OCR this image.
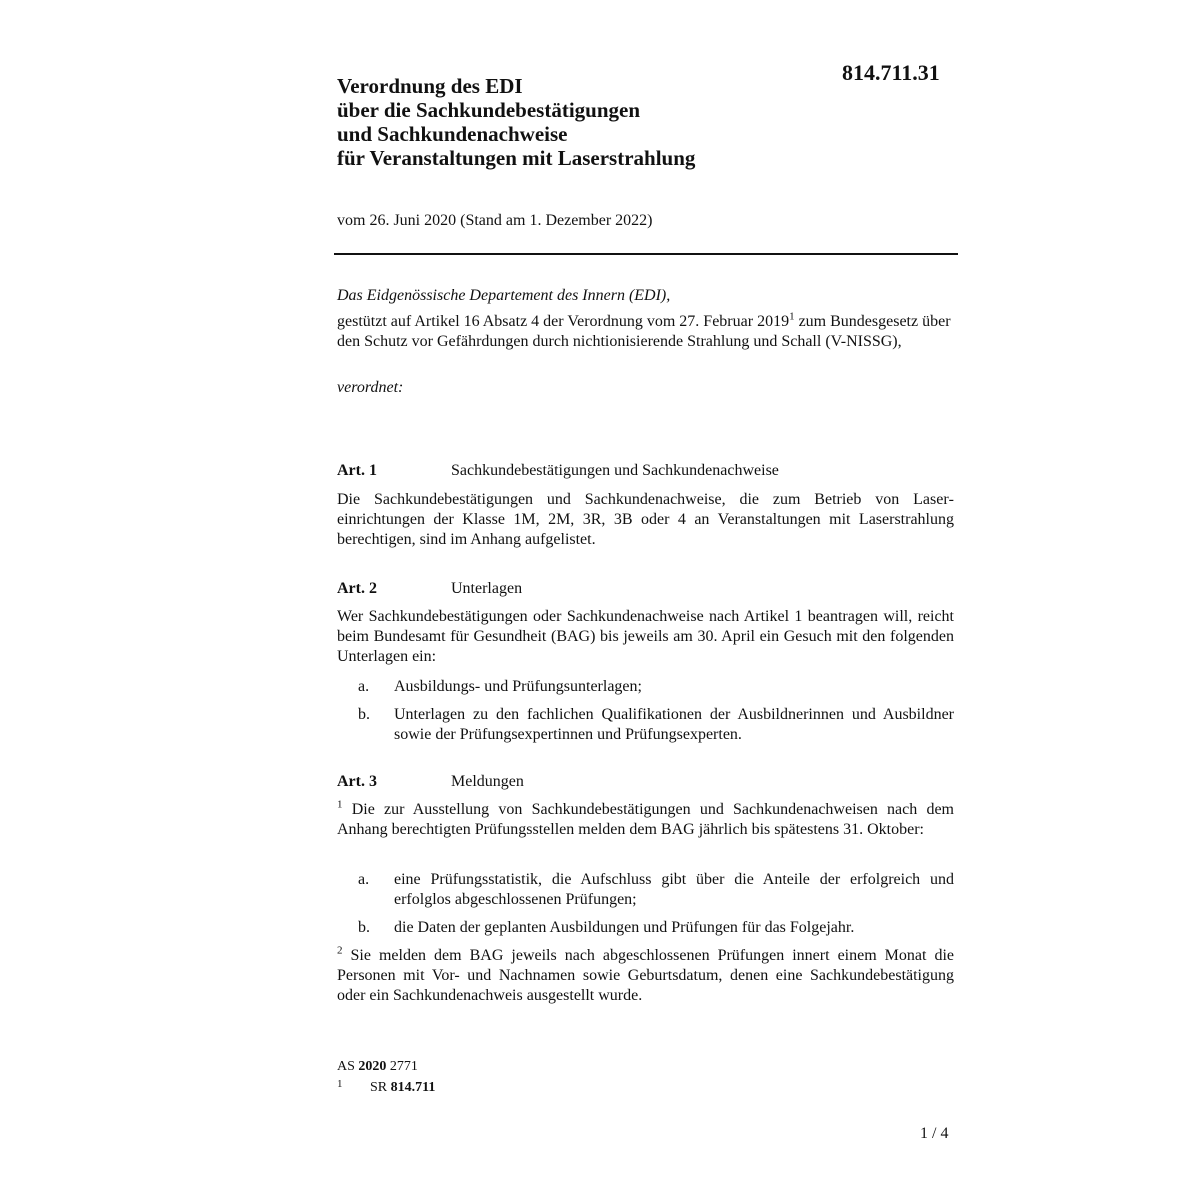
814.711.31
Verordnung des EDI
über die Sachkundebestätigungen
und Sachkundenachweise
für Veranstaltungen mit Laserstrahlung
vom 26. Juni 2020 (Stand am 1. Dezember 2022)
Das Eidgenössische Departement des Innern (EDI),
gestützt auf Artikel 16 Absatz 4 der Verordnung vom 27. Februar 2019$^1$ zum Bundesgesetz über den Schutz vor Gefährdungen durch nichtionisierende Strahlung und Schall (V-NISSG),
verordnet:
Art. 1	Sachkundebestätigungen und Sachkundenachweise
Die Sachkundebestätigungen und Sachkundenachweise, die zum Betrieb von Lasereinrichtungen der Klasse 1M, 2M, 3R, 3B oder 4 an Veranstaltungen mit Laserstrahlung berechtigen, sind im Anhang aufgelistet.
Art. 2	Unterlagen
Wer Sachkundebestätigungen oder Sachkundenachweise nach Artikel 1 beantragen will, reicht beim Bundesamt für Gesundheit (BAG) bis jeweils am 30. April ein Gesuch mit den folgenden Unterlagen ein:
a. Ausbildungs- und Prüfungsunterlagen;
b. Unterlagen zu den fachlichen Qualifikationen der Ausbildnerinnen und Ausbildner sowie der Prüfungsexpertinnen und Prüfungsexperten.
Art. 3	Meldungen
$^1$ Die zur Ausstellung von Sachkundebestätigungen und Sachkundenachweisen nach dem Anhang berechtigten Prüfungsstellen melden dem BAG jährlich bis spätestens 31. Oktober:
a. eine Prüfungsstatistik, die Aufschluss gibt über die Anteile der erfolgreich und erfolglos abgeschlossenen Prüfungen;
b. die Daten der geplanten Ausbildungen und Prüfungen für das Folgejahr.
$^2$ Sie melden dem BAG jeweils nach abgeschlossenen Prüfungen innert einem Monat die Personen mit Vor- und Nachnamen sowie Geburtsdatum, denen eine Sachkundebestätigung oder ein Sachkundenachweis ausgestellt wurde.
AS 2020 2771
1 SR 814.711
1 / 4
